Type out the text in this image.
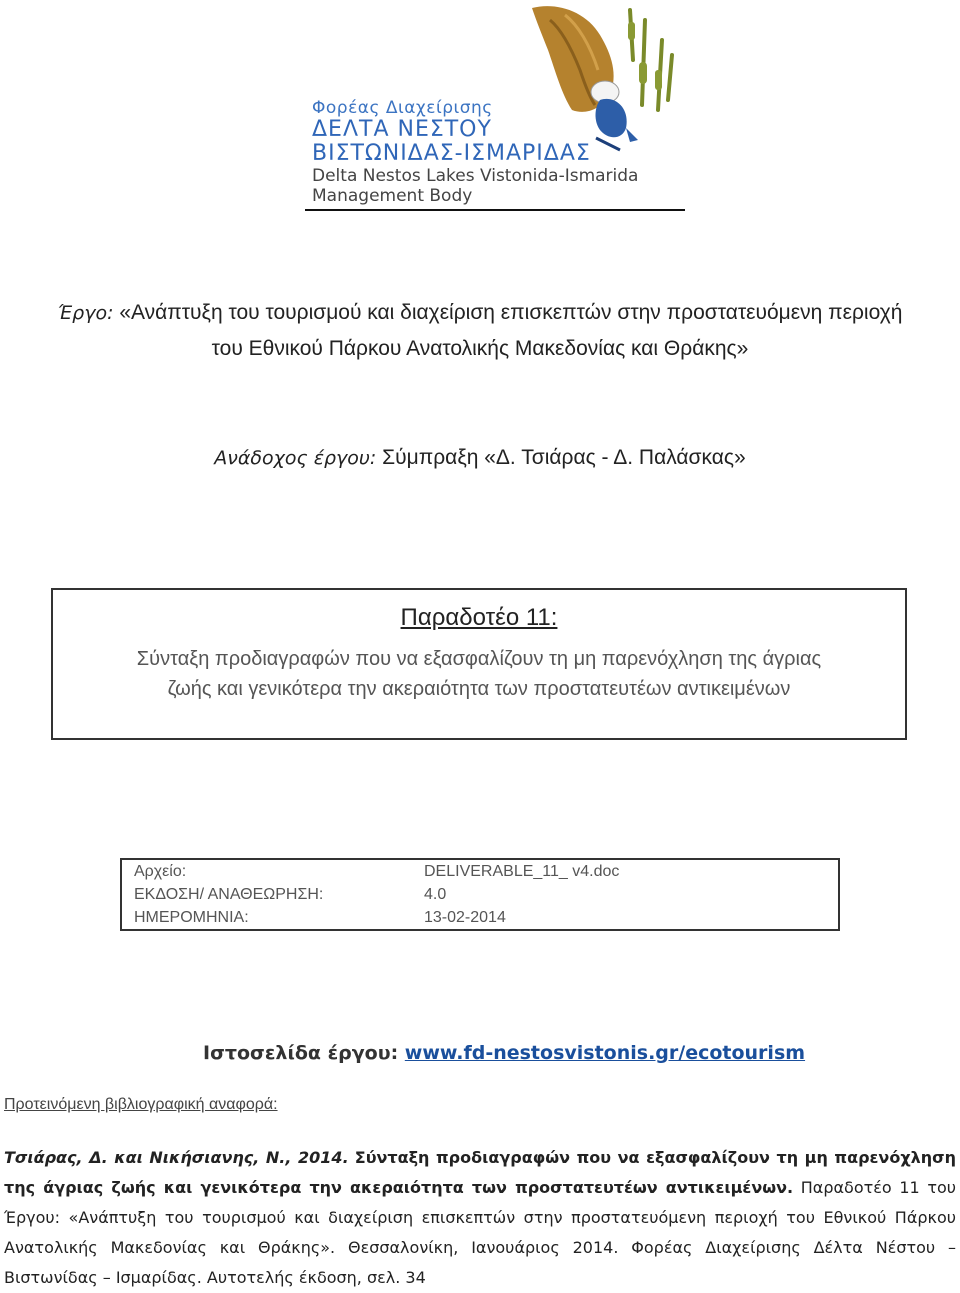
Φορέας Διαχείρισης
ΔΕΛΤΑ ΝΕΣΤΟΥ
ΒΙΣΤΩΝΙΔΑΣ-ΙΣΜΑΡΙΔΑΣ
Delta Nestos Lakes Vistonida-Ismarida
Management Body
Έργο: «Ανάπτυξη του τουρισμού και διαχείριση επισκεπτών στην προστατευόμενη περιοχή
του Εθνικού Πάρκου Ανατολικής Μακεδονίας και Θράκης»
Ανάδοχος έργου: Σύμπραξη «Δ. Τσιάρας - Δ. Παλάσκας»
Παραδοτέο 11:
Σύνταξη προδιαγραφών που να εξασφαλίζουν τη μη παρενόχληση της άγριας
ζωής και γενικότερα την ακεραιότητα των προστατευτέων αντικειμένων
Αρχείο:	DELIVERABLE_11_ v4.doc
ΕΚΔΟΣΗ/ ΑΝΑΘΕΩΡΗΣΗ:	4.0
ΗΜΕΡΟΜΗΝΙΑ:	13-02-2014
Ιστοσελίδα έργου: www.fd-nestosvistonis.gr/ecotourism
Προτεινόμενη βιβλιογραφική αναφορά:
Τσιάρας, Δ. και Νικήσιανης, Ν., 2014. Σύνταξη προδιαγραφών που να εξασφαλίζουν τη μη παρενόχληση της άγριας ζωής και γενικότερα την ακεραιότητα των προστατευτέων αντικειμένων. Παραδοτέο 11 του Έργου: «Ανάπτυξη του τουρισμού και διαχείριση επισκεπτών στην προστατευόμενη περιοχή του Εθνικού Πάρκου Ανατολικής Μακεδονίας και Θράκης». Θεσσαλονίκη, Ιανουάριος 2014. Φορέας Διαχείρισης Δέλτα Νέστου – Βιστωνίδας – Ισμαρίδας. Αυτοτελής έκδοση, σελ. 34
